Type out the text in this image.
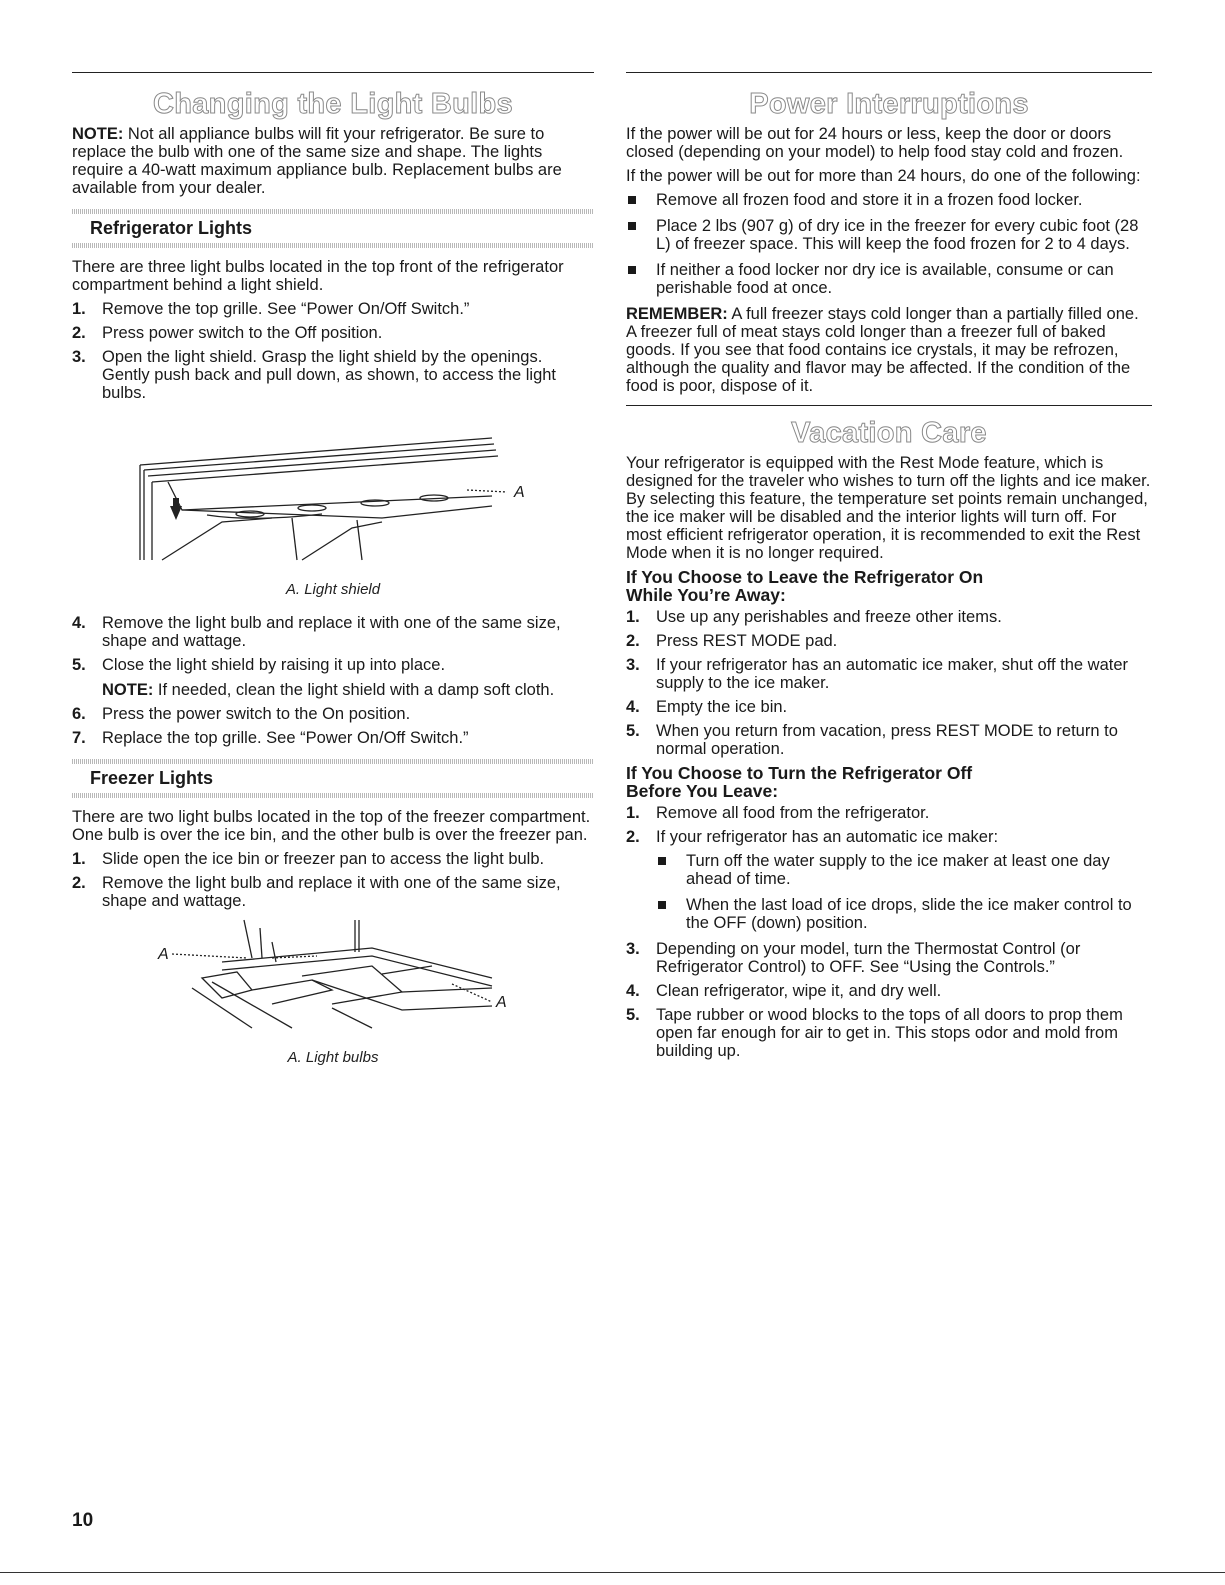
Changing the Light Bulbs

NOTE: Not all appliance bulbs will fit your refrigerator. Be sure to replace the bulb with one of the same size and shape. The lights require a 40-watt maximum appliance bulb. Replacement bulbs are available from your dealer.

Refrigerator Lights

There are three light bulbs located in the top front of the refrigerator compartment behind a light shield.

1. Remove the top grille. See “Power On/Off Switch.”
2. Press power switch to the Off position.
3. Open the light shield. Grasp the light shield by the openings. Gently push back and pull down, as shown, to access the light bulbs.
A
A. Light shield
4. Remove the light bulb and replace it with one of the same size, shape and wattage.
5. Close the light shield by raising it up into place.
NOTE: If needed, clean the light shield with a damp soft cloth.
6. Press the power switch to the On position.
7. Replace the top grille. See “Power On/Off Switch.”
Freezer Lights

There are two light bulbs located in the top of the freezer compartment. One bulb is over the ice bin, and the other bulb is over the freezer pan.

1. Slide open the ice bin or freezer pan to access the light bulb.
2. Remove the light bulb and replace it with one of the same size, shape and wattage.
A
A
A. Light bulbs
Power Interruptions

If the power will be out for 24 hours or less, keep the door or doors closed (depending on your model) to help food stay cold and frozen.

If the power will be out for more than 24 hours, do one of the following:

Remove all frozen food and store it in a frozen food locker.
Place 2 lbs (907 g) of dry ice in the freezer for every cubic foot (28 L) of freezer space. This will keep the food frozen for 2 to 4 days.
If neither a food locker nor dry ice is available, consume or can perishable food at once.

REMEMBER: A full freezer stays cold longer than a partially filled one. A freezer full of meat stays cold longer than a freezer full of baked goods. If you see that food contains ice crystals, it may be refrozen, although the quality and flavor may be affected. If the condition of the food is poor, dispose of it.

Vacation Care

Your refrigerator is equipped with the Rest Mode feature, which is designed for the traveler who wishes to turn off the lights and ice maker. By selecting this feature, the temperature set points remain unchanged, the ice maker will be disabled and the interior lights will turn off. For most efficient refrigerator operation, it is recommended to exit the Rest Mode when it is no longer required.

If You Choose to Leave the Refrigerator On
While You’re Away:
1. Use up any perishables and freeze other items.
2. Press REST MODE pad.
3. If your refrigerator has an automatic ice maker, shut off the water supply to the ice maker.
4. Empty the ice bin.
5. When you return from vacation, press REST MODE to return to normal operation.
If You Choose to Turn the Refrigerator Off
Before You Leave:
1. Remove all food from the refrigerator.
2. If your refrigerator has an automatic ice maker:
Turn off the water supply to the ice maker at least one day ahead of time.
When the last load of ice drops, slide the ice maker control to the OFF (down) position.
3. Depending on your model, turn the Thermostat Control (or Refrigerator Control) to OFF. See “Using the Controls.”
4. Clean refrigerator, wipe it, and dry well.
5. Tape rubber or wood blocks to the tops of all doors to prop them open far enough for air to get in. This stops odor and mold from building up.
10
